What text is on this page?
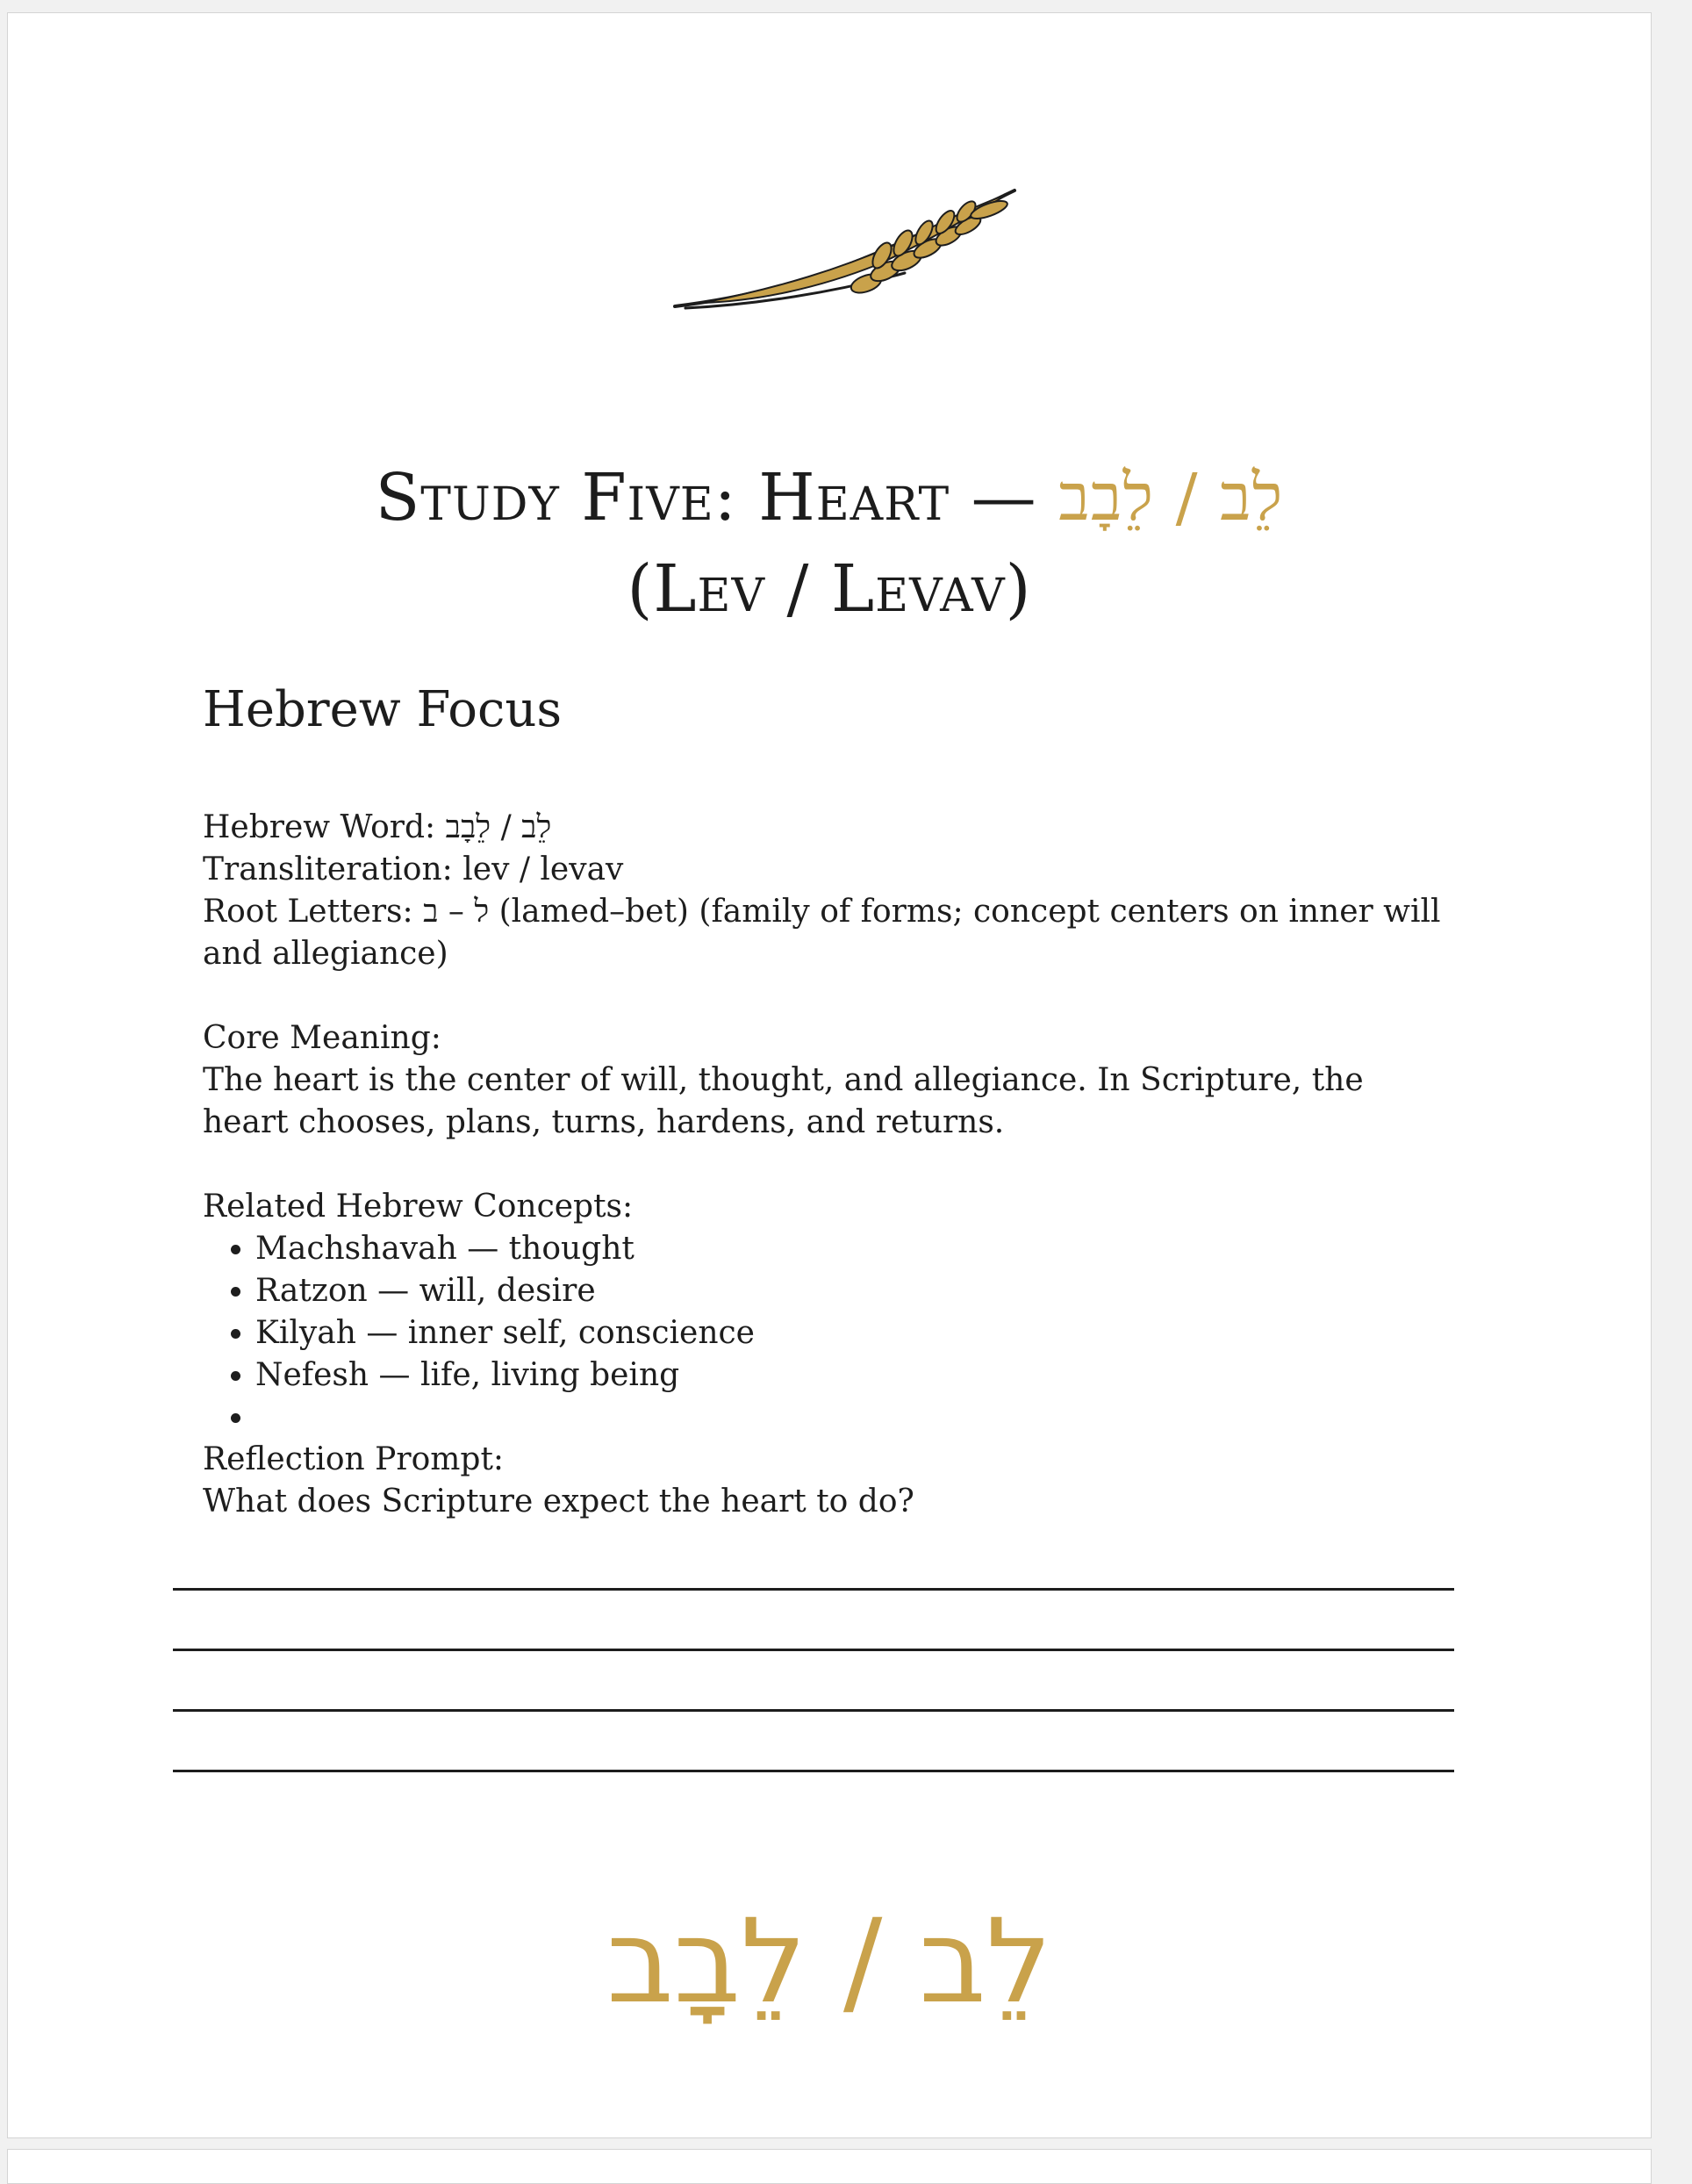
Study Five: Heart — לֵב / לֵבָב
(Lev / Levav)
Hebrew Focus
Hebrew Word: לֵב / לֵבָב
Transliteration: lev / levav
Root Letters: ל – ב (lamed–bet) (family of forms; concept centers on inner will and allegiance)
Core Meaning:
The heart is the center of will, thought, and allegiance. In Scripture, the heart chooses, plans, turns, hardens, and returns.
Related Hebrew Concepts:
• Machshavah — thought
• Ratzon — will, desire
• Kilyah — inner self, conscience
• Nefesh — life, living being
•
Reflection Prompt:
What does Scripture expect the heart to do?
לֵב / לֵבָב
